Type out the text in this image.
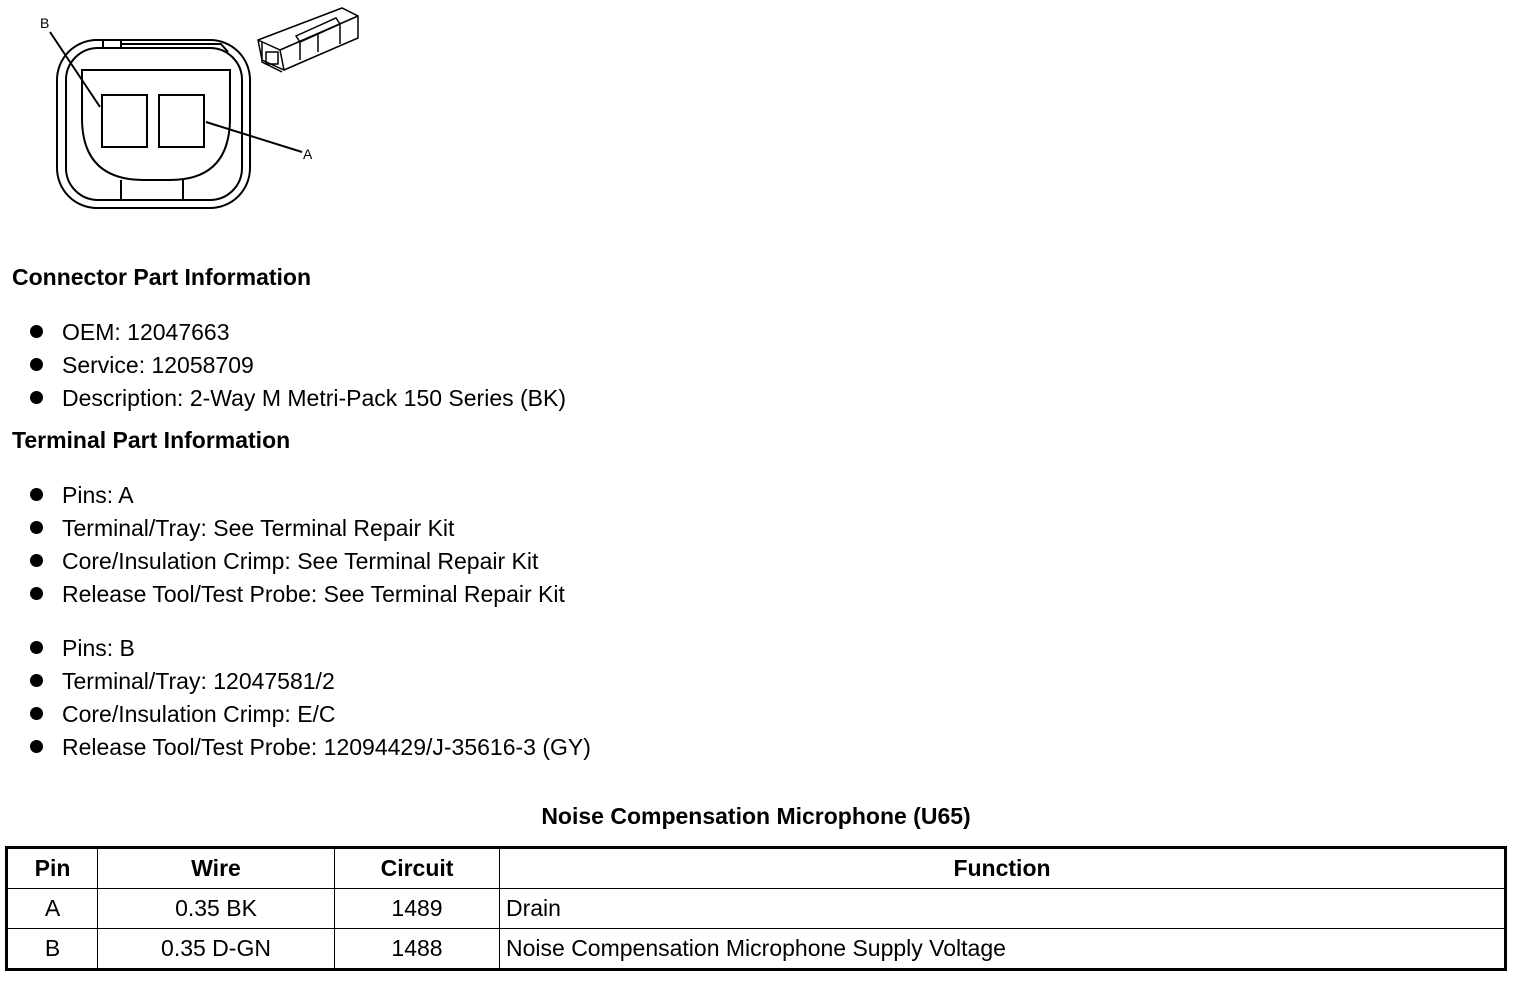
B
A
Connector Part Information
OEM: 12047663
Service: 12058709
Description: 2-Way M Metri-Pack 150 Series (BK)
Terminal Part Information
Pins: A
Terminal/Tray: See Terminal Repair Kit
Core/Insulation Crimp: See Terminal Repair Kit
Release Tool/Test Probe: See Terminal Repair Kit
Pins: B
Terminal/Tray: 12047581/2
Core/Insulation Crimp: E/C
Release Tool/Test Probe: 12094429/J-35616-3 (GY)
Noise Compensation Microphone (U65)
Pin	Wire	Circuit	Function
A	0.35 BK	1489	Drain
B	0.35 D-GN	1488	Noise Compensation Microphone Supply Voltage
